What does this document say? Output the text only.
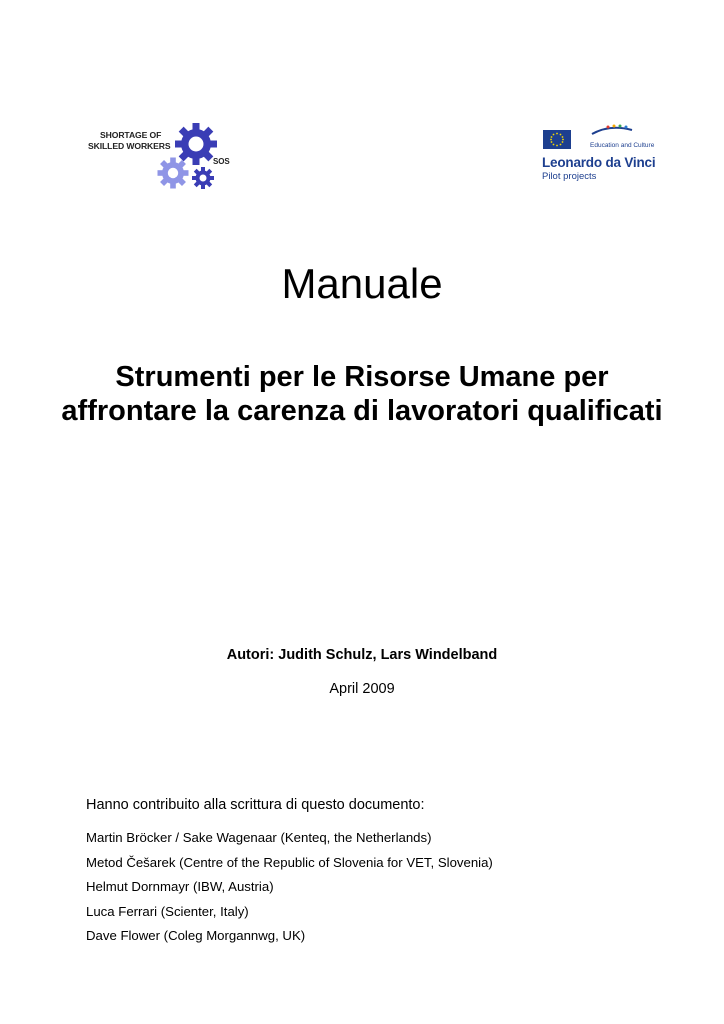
SHORTAGE OF
SKILLED WORKERS
SOS
Education and Culture
Leonardo da Vinci
Pilot projects
Manuale
Strumenti per le Risorse Umane per affrontare la carenza di lavoratori qualificati
Autori: Judith Schulz, Lars Windelband
April 2009
Hanno contribuito alla scrittura di questo documento:
Martin Bröcker / Sake Wagenaar (Kenteq, the Netherlands)
Metod Češarek (Centre of the Republic of Slovenia for VET, Slovenia)
Helmut Dornmayr (IBW, Austria)
Luca Ferrari (Scienter, Italy)
Dave Flower (Coleg Morgannwg, UK)
